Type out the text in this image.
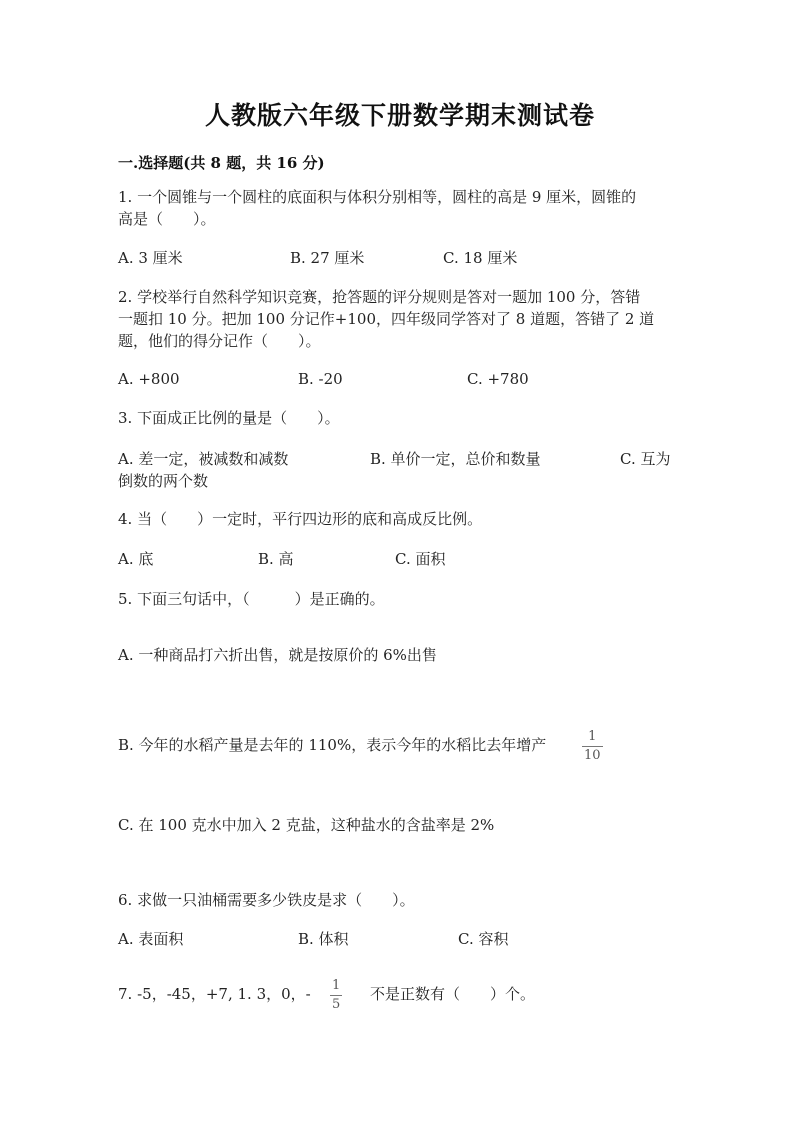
人教版六年级下册数学期末测试卷
一.选择题(共 8 题，共 16 分)
1. 一个圆锥与一个圆柱的底面积与体积分别相等，圆柱的高是 9 厘米，圆锥的
高是（　　）。
A. 3 厘米	B. 27 厘米	C. 18 厘米
2. 学校举行自然科学知识竞赛，抢答题的评分规则是答对一题加 100 分，答错
一题扣 10 分。把加 100 分记作+100，四年级同学答对了 8 道题，答错了 2 道
题，他们的得分记作（　　）。
A. +800	B. -20	C. +780
3. 下面成正比例的量是（　　）。
A. 差一定，被减数和减数	B. 单价一定，总价和数量	C. 互为
倒数的两个数
4. 当（　　）一定时，平行四边形的底和高成反比例。
A. 底	B. 高	C. 面积
5. 下面三句话中，（　　　）是正确的。
A. 一种商品打六折出售，就是按原价的 6%出售
B. 今年的水稻产量是去年的 110%，表示今年的水稻比去年增产	1
10
C. 在 100 克水中加入 2 克盐，这种盐水的含盐率是 2%
6. 求做一只油桶需要多少铁皮是求（　　）。
A. 表面积	B. 体积	C. 容积
7. -5，-45，+7, 1. 3，0，- 1
5
不是正数有（　　）个。
